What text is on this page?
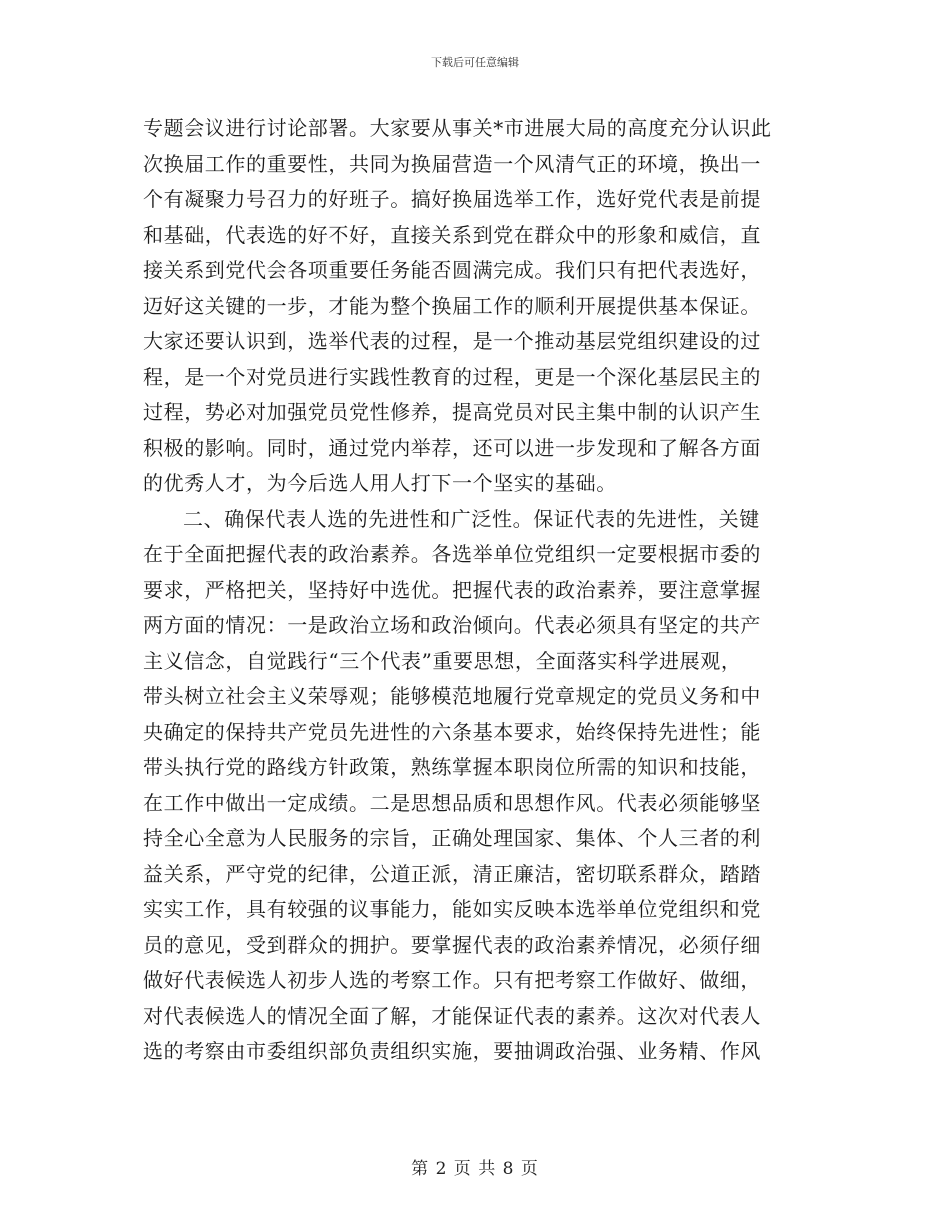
下载后可任意编辑
专题会议进行讨论部署。大家要从事关*市进展大局的高度充分认识此
次换届工作的重要性，共同为换届营造一个风清气正的环境，换出一
个有凝聚力号召力的好班子。搞好换届选举工作，选好党代表是前提
和基础，代表选的好不好，直接关系到党在群众中的形象和威信，直
接关系到党代会各项重要任务能否圆满完成。我们只有把代表选好，
迈好这关键的一步，才能为整个换届工作的顺利开展提供基本保证。
大家还要认识到，选举代表的过程，是一个推动基层党组织建设的过
程，是一个对党员进行实践性教育的过程，更是一个深化基层民主的
过程，势必对加强党员党性修养，提高党员对民主集中制的认识产生
积极的影响。同时，通过党内举荐，还可以进一步发现和了解各方面
的优秀人才，为今后选人用人打下一个坚实的基础。
二、确保代表人选的先进性和广泛性。保证代表的先进性，关键
在于全面把握代表的政治素养。各选举单位党组织一定要根据市委的
要求，严格把关，坚持好中选优。把握代表的政治素养，要注意掌握
两方面的情况：一是政治立场和政治倾向。代表必须具有坚定的共产
主义信念，自觉践行“三个代表”重要思想，全面落实科学进展观，
带头树立社会主义荣辱观；能够模范地履行党章规定的党员义务和中
央确定的保持共产党员先进性的六条基本要求，始终保持先进性；能
带头执行党的路线方针政策，熟练掌握本职岗位所需的知识和技能，
在工作中做出一定成绩。二是思想品质和思想作风。代表必须能够坚
持全心全意为人民服务的宗旨，正确处理国家、集体、个人三者的利
益关系，严守党的纪律，公道正派，清正廉洁，密切联系群众，踏踏
实实工作，具有较强的议事能力，能如实反映本选举单位党组织和党
员的意见，受到群众的拥护。要掌握代表的政治素养情况，必须仔细
做好代表候选人初步人选的考察工作。只有把考察工作做好、做细，
对代表候选人的情况全面了解，才能保证代表的素养。这次对代表人
选的考察由市委组织部负责组织实施，要抽调政治强、业务精、作风
第 2 页 共 8 页
